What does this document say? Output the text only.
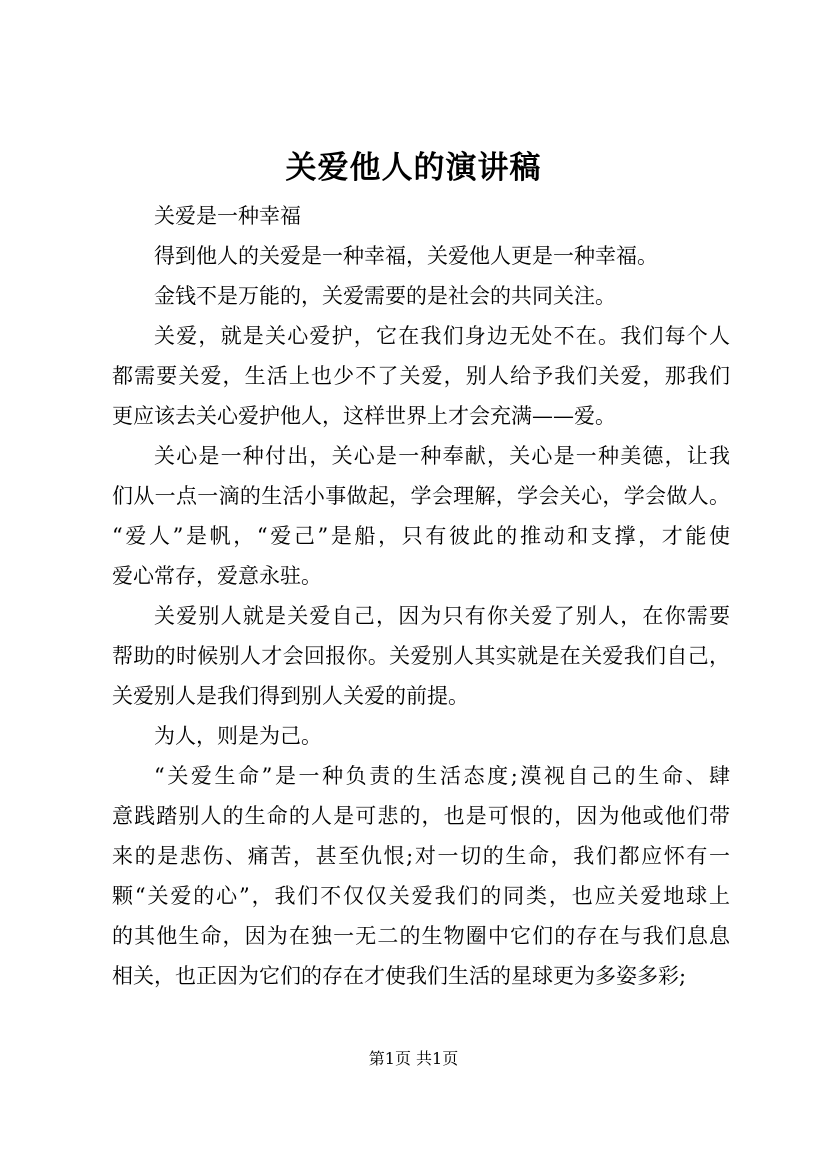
关爱他人的演讲稿
关爱是一种幸福
得到他人的关爱是一种幸福，关爱他人更是一种幸福。
金钱不是万能的，关爱需要的是社会的共同关注。
关爱，就是关心爱护，它在我们身边无处不在。我们每个人
都需要关爱，生活上也少不了关爱，别人给予我们关爱，那我们
更应该去关心爱护他人，这样世界上才会充满——爱。
关心是一种付出，关心是一种奉献，关心是一种美德，让我
们从一点一滴的生活小事做起，学会理解，学会关心，学会做人。
“爱人”是帆，“爱己”是船，只有彼此的推动和支撑，才能使
爱心常存，爱意永驻。
关爱别人就是关爱自己，因为只有你关爱了别人，在你需要
帮助的时候别人才会回报你。关爱别人其实就是在关爱我们自己，
关爱别人是我们得到别人关爱的前提。
为人，则是为己。
“关爱生命”是一种负责的生活态度;漠视自己的生命、肆
意践踏别人的生命的人是可悲的，也是可恨的，因为他或他们带
来的是悲伤、痛苦，甚至仇恨;对一切的生命，我们都应怀有一
颗“关爱的心”，我们不仅仅关爱我们的同类，也应关爱地球上
的其他生命，因为在独一无二的生物圈中它们的存在与我们息息
相关，也正因为它们的存在才使我们生活的星球更为多姿多彩;
第1页 共1页
